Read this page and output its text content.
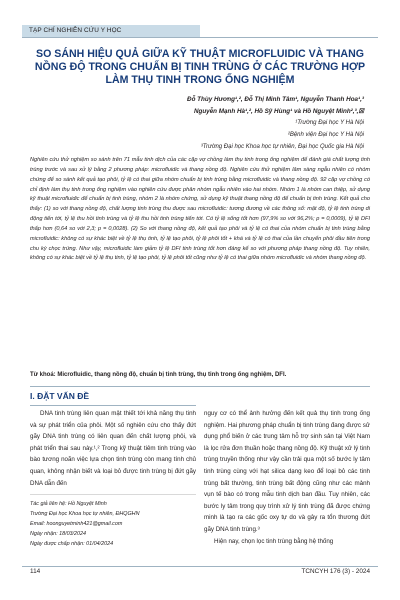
TẠP CHÍ NGHIÊN CỨU Y HỌC
SO SÁNH HIỆU QUẢ GIỮA KỸ THUẬT MICROFLUIDIC VÀ THANG NỒNG ĐỘ TRONG CHUẨN BỊ TINH TRÙNG Ở CÁC TRƯỜNG HỢP LÀM THỤ TINH TRONG ỐNG NGHIỆM
Đỗ Thùy Hương¹,², Đỗ Thị Minh Tâm¹, Nguyễn Thanh Hoa¹,³
Nguyễn Mạnh Hà¹,², Hồ Sỹ Hùng¹ và Hồ Nguyệt Minh²,³,☒
¹Trường Đại học Y Hà Nội
²Bệnh viện Đại học Y Hà Nội
³Trường Đại học Khoa học tự nhiên, Đại học Quốc gia Hà Nội

Nghiên cứu thử nghiệm so sánh trên 71 mẫu tinh dịch của các cặp vợ chồng làm thụ tinh trong ống nghiệm để đánh giá chất lượng tinh trùng trước và sau xử lý bằng 2 phương pháp: microfluidic và thang nồng độ. Nghiên cứu thử nghiệm lâm sàng ngẫu nhiên có nhóm chứng để so sánh kết quả tạo phôi, tỷ lệ có thai giữa nhóm chuẩn bị tinh trùng bằng microfluidic và thang nồng độ. 92 cặp vợ chồng có chỉ định làm thụ tinh trong ống nghiệm vào nghiên cứu được phân nhóm ngẫu nhiên vào hai nhóm. Nhóm 1 là nhóm can thiệp, sử dụng kỹ thuật microfluidic để chuẩn bị tinh trùng, nhóm 2 là nhóm chứng, sử dụng kỹ thuật thang nồng độ để chuẩn bị tinh trùng. Kết quả cho thấy: (1) so với thang nồng độ, chất lượng tinh trùng thu được sau microfluidic: tương đương về các thông số: mật độ, tỷ lệ tinh trùng di động tiến tới, tỷ lệ thu hồi tinh trùng và tỷ lệ thu hồi tinh trùng tiến tới. Có tỷ lệ sống tốt hơn (97,9% so với 96,2%; p = 0,0009), tỷ lệ DFI thấp hơn (0,64 so với 2,3; p = 0,0028). (2) So với thang nồng độ, kết quả tạo phôi và tỷ lệ có thai của nhóm chuẩn bị tinh trùng bằng microfluidic: không có sự khác biệt về tỷ lệ thụ tinh, tỷ lệ tạo phôi, tỷ lệ phôi tốt + khá và tỷ lệ có thai của lần chuyển phôi đầu tiên trong chu kỳ chọc trứng. Như vậy, microfluidic làm giảm tỷ lệ DFI tinh trùng tốt hơn đáng kể so với phương pháp thang nồng độ. Tuy nhiên, không có sự khác biệt về tỷ lệ thụ tinh, tỷ lệ tạo phôi, tỷ lệ phôi tốt cũng như tỷ lệ có thai giữa nhóm microfluidic và nhóm thang nồng độ.

Từ khoá: Microfluidic, thang nồng độ, chuẩn bị tinh trùng, thụ tinh trong ống nghiệm, DFI.

I. ĐẶT VẤN ĐỀ

DNA tinh trùng liên quan mật thiết tới khả năng thụ tinh và sự phát triển của phôi. Một số nghiên cứu cho thấy đứt gãy DNA tinh trùng có liên quan đến chất lượng phôi, và phát triển thai sau này.¹,² Trong kỹ thuật tiêm tinh trùng vào bào tương noãn việc lựa chọn tinh trùng còn mang tính chủ quan, không nhận biết và loại bỏ được tinh trùng bị đứt gãy DNA dẫn đến

nguy cơ có thể ảnh hưởng đến kết quả thụ tinh trong ống nghiệm. Hai phương pháp chuẩn bị tinh trùng đang được sử dụng phổ biến ở các trung tâm hỗ trợ sinh sản tại Việt Nam là lọc rửa đơn thuần hoặc thang nồng độ. Kỹ thuật xử lý tinh trùng truyền thống như vậy cần trải qua một số bước ly tâm tinh trùng cùng với hạt silica dạng keo để loại bỏ các tinh trùng bất thường, tinh trùng bất động cũng như các mảnh vụn tế bào có trong mẫu tinh dịch ban đầu. Tuy nhiên, các bước ly tâm trong quy trình xử lý tinh trùng đã được chứng minh là tạo ra các gốc oxy tự do và gây ra tổn thương đứt gãy DNA tinh trùng.³

Hiện nay, chọn lọc tinh trùng bằng hệ thống

Tác giả liên hệ: Hồ Nguyệt Minh
Trường Đại học Khoa học tự nhiên, ĐHQGHN
Email: hoonguyetminh421@gmail.com
Ngày nhận: 18/03/2024
Ngày được chấp nhận: 01/04/2024
114	TCNCYH 176 (3) - 2024
